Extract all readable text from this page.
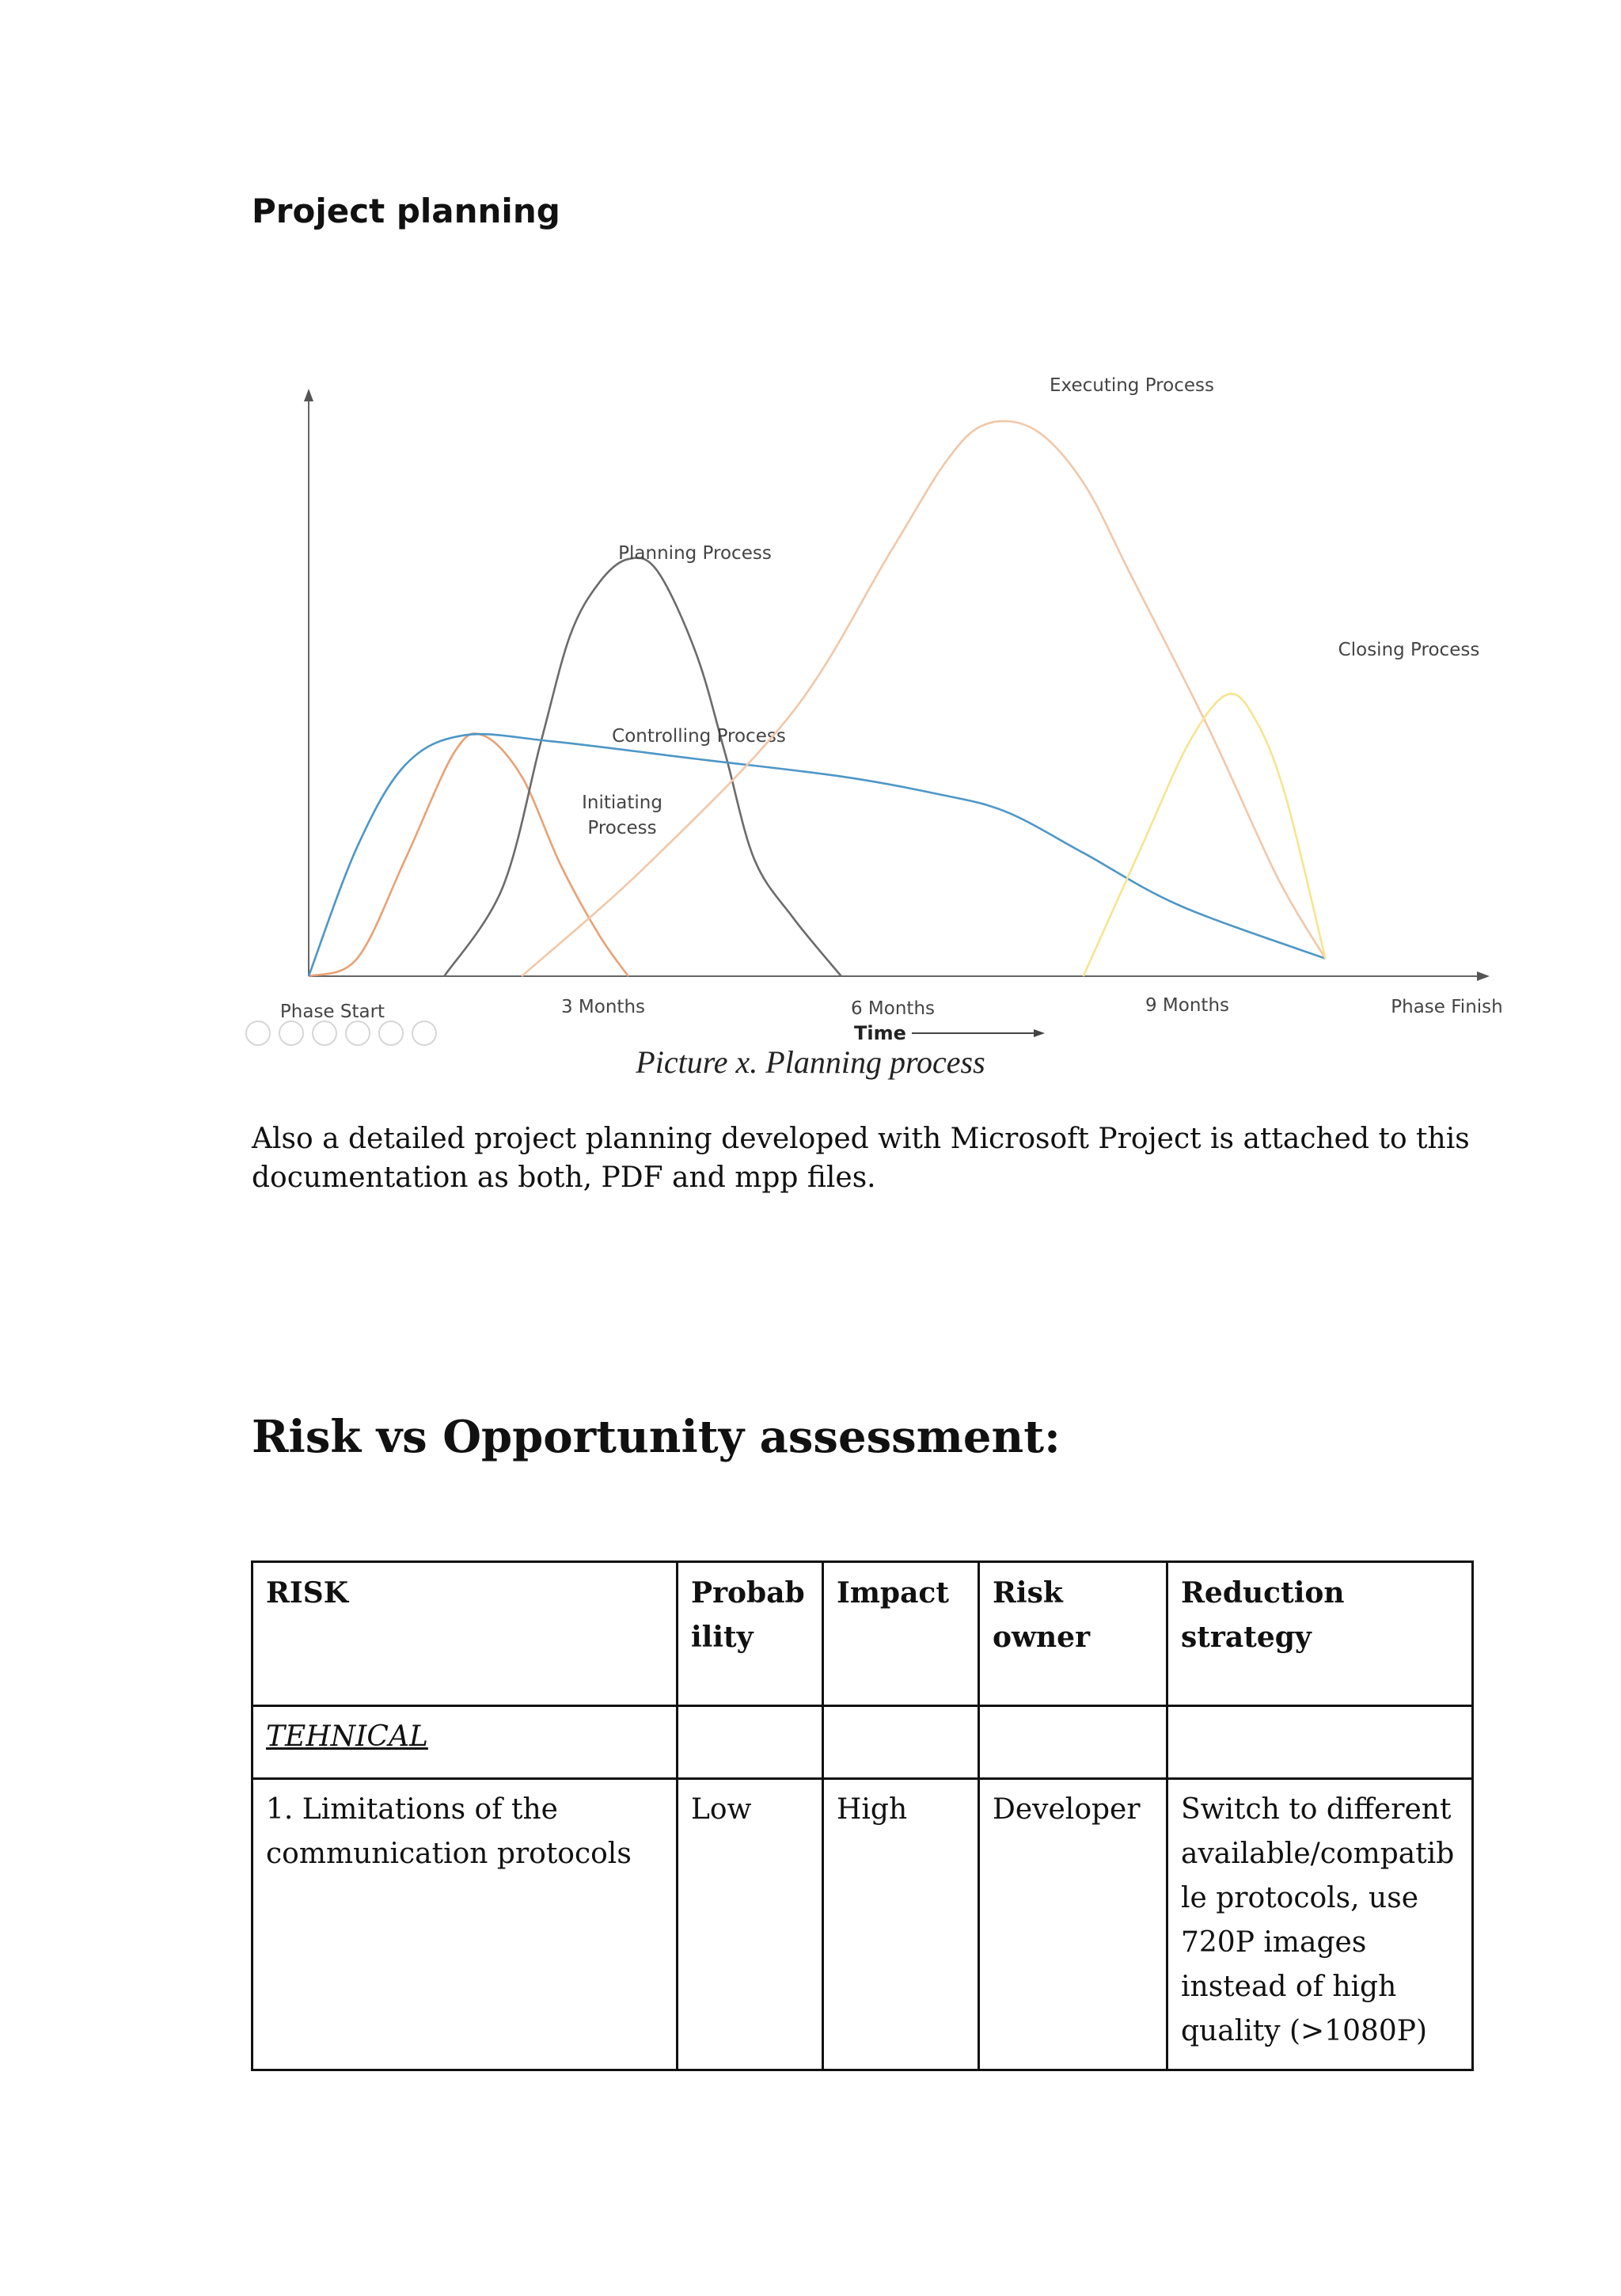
Project planning
Initiating
Process
Planning Process
Controlling Process
Executing Process
Closing Process
Phase Start	3 Months	6 Months	9 Months	Phase Finish
Time

Picture x. Planning process

Also a detailed project planning developed with Microsoft Project is attached to this
documentation as both, PDF and mpp files.
Risk vs Opportunity assessment:
RISK	Probab ility	Impact	Risk owner	Reduction strategy
TEHNICAL				
1. Limitations of the communication protocols	Low	High	Developer	Switch to different available/compatib le protocols, use 720P images instead of high quality (>1080P)
